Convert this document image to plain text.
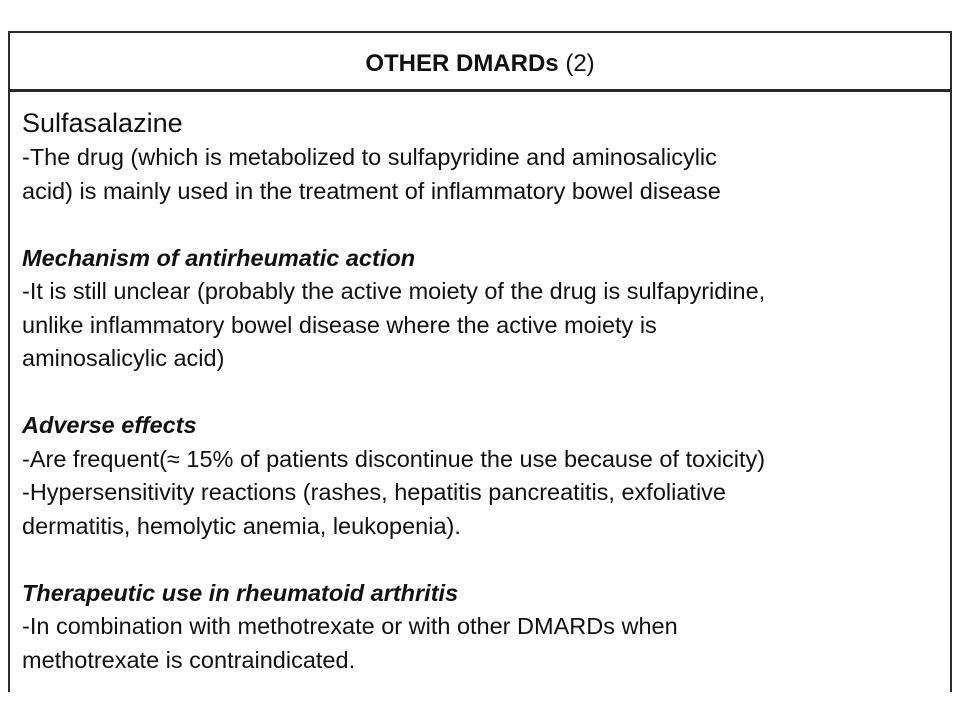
OTHER DMARDs (2)

Sulfasalazine

-The drug (which is metabolized to sulfapyridine and aminosalicylic

acid) is mainly used in the treatment of inflammatory bowel disease

Mechanism of antirheumatic action

-It is still unclear (probably the active moiety of the drug is sulfapyridine,

unlike inflammatory bowel disease where the active moiety is

aminosalicylic acid)

Adverse effects

-Are frequent(≈ 15% of patients discontinue the use because of toxicity)

-Hypersensitivity reactions (rashes, hepatitis pancreatitis, exfoliative

dermatitis, hemolytic anemia, leukopenia).

Therapeutic use in rheumatoid arthritis

-In combination with methotrexate or with other DMARDs when

methotrexate is contraindicated.
